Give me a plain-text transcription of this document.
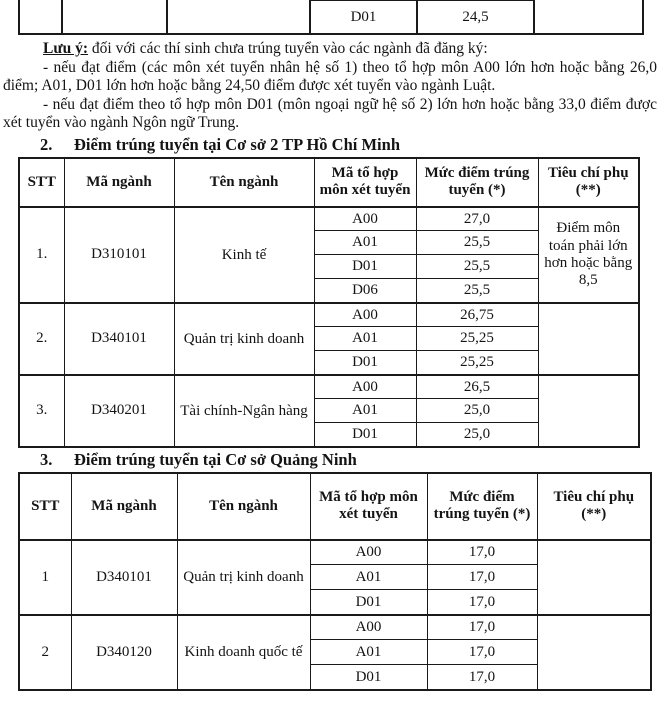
D01	24,5

Lưu ý: đối với các thí sinh chưa trúng tuyển vào các ngành đã đăng ký:

- nếu đạt điểm (các môn xét tuyển nhân hệ số 1) theo tổ hợp môn A00 lớn hơn hoặc bằng 26,0 điểm; A01, D01 lớn hơn hoặc bằng 24,50 điểm được xét tuyển vào ngành Luật.

- nếu đạt điểm theo tổ hợp môn D01 (môn ngoại ngữ hệ số 2) lớn hơn hoặc bằng 33,0 điểm được xét tuyển vào ngành Ngôn ngữ Trung.

2. Điểm trúng tuyển tại Cơ sở 2 TP Hồ Chí Minh
STT	Mã ngành	Tên ngành	Mã tổ hợp môn xét tuyển	Mức điểm trúng tuyển (*)	Tiêu chí phụ (**)
1.	D310101	Kinh tế	A00	27,0	Điểm môn toán phải lớn hơn hoặc bằng 8,5
			A01	25,5	
			D01	25,5	
			D06	25,5	
2.	D340101	Quản trị kinh doanh	A00	26,75	
			A01	25,25	
			D01	25,25	
3.	D340201	Tài chính-Ngân hàng	A00	26,5	
			A01	25,0	
			D01	25,0	
3. Điểm trúng tuyển tại Cơ sở Quảng Ninh
STT	Mã ngành	Tên ngành	Mã tổ hợp môn xét tuyển	Mức điểm trúng tuyển (*)	Tiêu chí phụ (**)
1	D340101	Quản trị kinh doanh	A00	17,0	
			A01	17,0	
			D01	17,0	
2	D340120	Kinh doanh quốc tế	A00	17,0	
			A01	17,0	
			D01	17,0	
